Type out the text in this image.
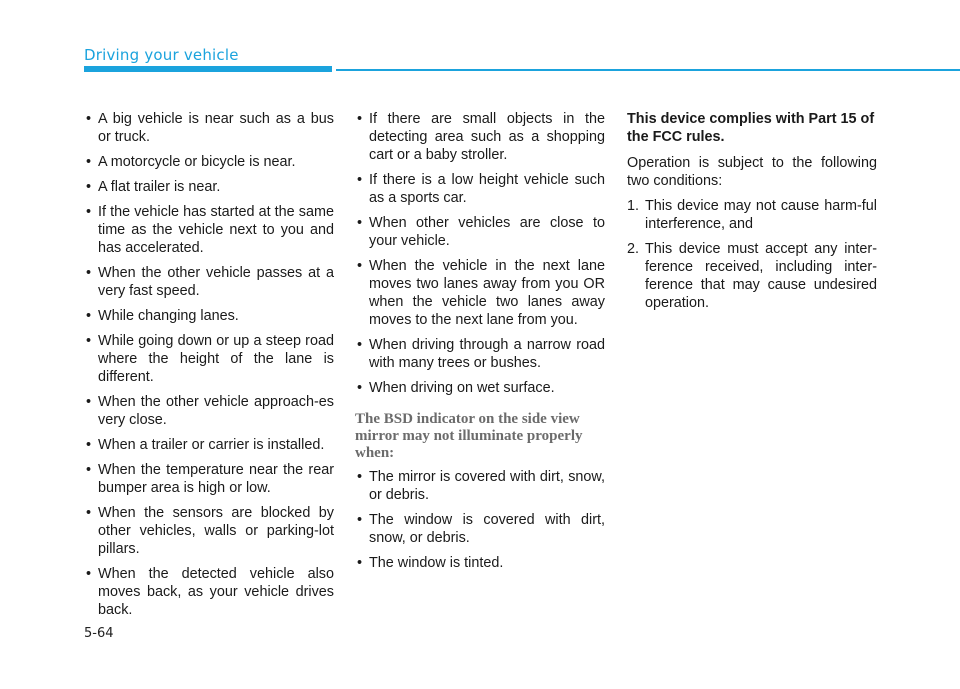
Driving your vehicle
• A big vehicle is near such as a bus or truck.
• A motorcycle or bicycle is near.
• A flat trailer is near.
• If the vehicle has started at the same time as the vehicle next to you and has accelerated.
• When the other vehicle passes at a very fast speed.
• While changing lanes.
• While going down or up a steep road where the height of the lane is different.
• When the other vehicle approach-es very close.
• When a trailer or carrier is installed.
• When the temperature near the rear bumper area is high or low.
• When the sensors are blocked by other vehicles, walls or parking-lot pillars.
• When the detected vehicle also moves back, as your vehicle drives back.
• If there are small objects in the detecting area such as a shopping cart or a baby stroller.
• If there is a low height vehicle such as a sports car.
• When other vehicles are close to your vehicle.
• When the vehicle in the next lane moves two lanes away from you OR when the vehicle two lanes away moves to the next lane from you.
• When driving through a narrow road with many trees or bushes.
• When driving on wet surface.
The BSD indicator on the side view mirror may not illuminate properly when:
• The mirror is covered with dirt, snow, or debris.
• The window is covered with dirt, snow, or debris.
• The window is tinted.
This device complies with Part 15 of the FCC rules.
Operation is subject to the following two conditions:
1. This device may not cause harm-ful interference, and
2. This device must accept any inter-ference received, including inter-ference that may cause undesired operation.
5-64
